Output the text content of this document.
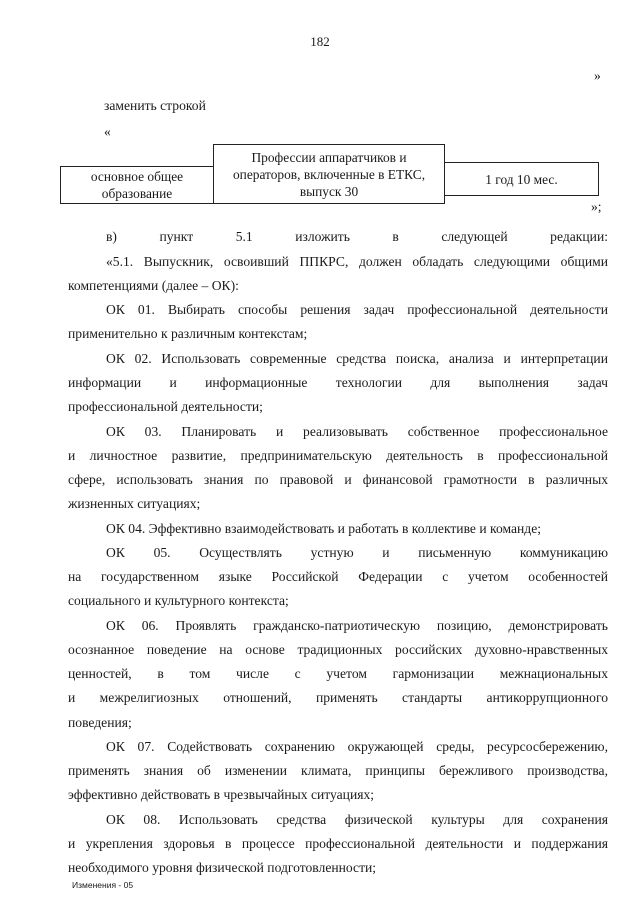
182
»
заменить строкой
«
основное общее
образование
Профессии аппаратчиков и
операторов, включенные в ЕТКС,
выпуск 30
1 год 10 мес.
»;
в) пункт 5.1 изложить в следующей редакции:
«5.1. Выпускник, освоивший ППКРС, должен обладать следующими общими
компетенциями (далее – ОК):
ОК 01. Выбирать способы решения задач профессиональной деятельности
применительно к различным контекстам;
ОК 02. Использовать современные средства поиска, анализа и интерпретации
информации и информационные технологии для выполнения задач
профессиональной деятельности;
ОК 03. Планировать и реализовывать собственное профессиональное
и личностное развитие, предпринимательскую деятельность в профессиональной
сфере, использовать знания по правовой и финансовой грамотности в различных
жизненных ситуациях;
ОК 04. Эффективно взаимодействовать и работать в коллективе и команде;
ОК 05. Осуществлять устную и письменную коммуникацию
на государственном языке Российской Федерации с учетом особенностей
социального и культурного контекста;
ОК 06. Проявлять гражданско-патриотическую позицию, демонстрировать
осознанное поведение на основе традиционных российских духовно-нравственных
ценностей, в том числе с учетом гармонизации межнациональных
и межрелигиозных отношений, применять стандарты антикоррупционного
поведения;
ОК 07. Содействовать сохранению окружающей среды, ресурсосбережению,
применять знания об изменении климата, принципы бережливого производства,
эффективно действовать в чрезвычайных ситуациях;
ОК 08. Использовать средства физической культуры для сохранения
и укрепления здоровья в процессе профессиональной деятельности и поддержания
необходимого уровня физической подготовленности;
Изменения - 05
